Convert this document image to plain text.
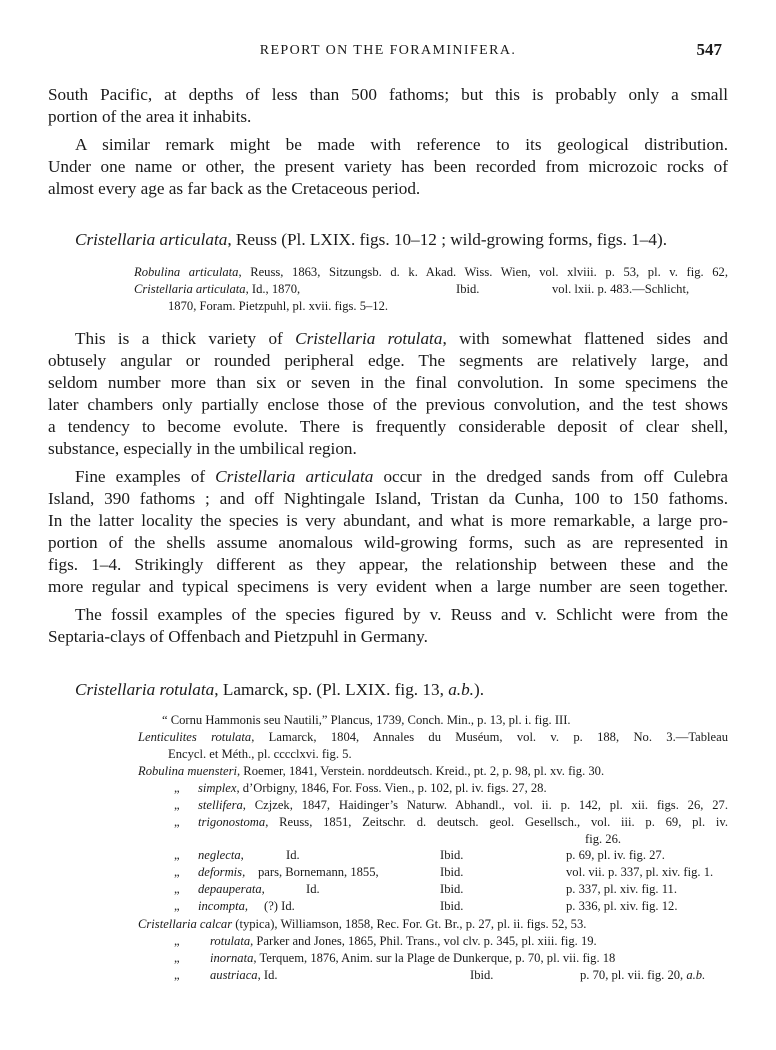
REPORT ON THE FORAMINIFERA.	547
South Pacific, at depths of less than 500 fathoms; but this is probably only a small
portion of the area it inhabits.
A similar remark might be made with reference to its geological distribution.
Under one name or other, the present variety has been recorded from microzoic rocks of
almost every age as far back as the Cretaceous period.
Cristellaria articulata, Reuss (Pl. LXIX. figs. 10–12 ; wild-growing forms, figs. 1–4).
Robulina articulata, Reuss, 1863, Sitzungsb. d. k. Akad. Wiss. Wien, vol. xlviii. p. 53, pl. v. fig. 62,
Cristellaria articulata, Id., 1870,	Ibid.	vol. lxii. p. 483.—Schlicht,
1870, Foram. Pietzpuhl, pl. xvii. figs. 5–12.
This is a thick variety of Cristellaria rotulata, with somewhat flattened sides and
obtusely angular or rounded peripheral edge. The segments are relatively large, and
seldom number more than six or seven in the final convolution. In some specimens the
later chambers only partially enclose those of the previous convolution, and the test shows
a tendency to become evolute. There is frequently considerable deposit of clear shell,
substance, especially in the umbilical region.
Fine examples of Cristellaria articulata occur in the dredged sands from off Culebra
Island, 390 fathoms ; and off Nightingale Island, Tristan da Cunha, 100 to 150 fathoms.
In the latter locality the species is very abundant, and what is more remarkable, a large pro-
portion of the shells assume anomalous wild-growing forms, such as are represented in
figs. 1–4. Strikingly different as they appear, the relationship between these and the
more regular and typical specimens is very evident when a large number are seen together.
The fossil examples of the species figured by v. Reuss and v. Schlicht were from the
Septaria-clays of Offenbach and Pietzpuhl in Germany.
Cristellaria rotulata, Lamarck, sp. (Pl. LXIX. fig. 13, a.b.).
“ Cornu Hammonis seu Nautili,” Plancus, 1739, Conch. Min., p. 13, pl. i. fig. III.
Lenticulites rotulata, Lamarck, 1804, Annales du Muséum, vol. v. p. 188, No. 3.—Tableau
Encycl. et Méth., pl. cccclxvi. fig. 5.
Robulina muensteri, Roemer, 1841, Verstein. norddeutsch. Kreid., pt. 2, p. 98, pl. xv. fig. 30.
„ simplex, d’Orbigny, 1846, For. Foss. Vien., p. 102, pl. iv. figs. 27, 28.
„ stellifera, Czjzek, 1847, Haidinger’s Naturw. Abhandl., vol. ii. p. 142, pl. xii. figs. 26, 27.
„ trigonostoma, Reuss, 1851, Zeitschr. d. deutsch. geol. Gesellsch., vol. iii. p. 69, pl. iv.
fig. 26.
„ neglecta,	Id.	Ibid.	p. 69, pl. iv. fig. 27.
„ deformis, pars, Bornemann, 1855,	Ibid.	vol. vii. p. 337, pl. xiv. fig. 1.
„ depauperata,	Id.	Ibid.	p. 337, pl. xiv. fig. 11.
„ incompta, (?) Id.	Ibid.	p. 336, pl. xiv. fig. 12.
Cristellaria calcar (typica), Williamson, 1858, Rec. For. Gt. Br., p. 27, pl. ii. figs. 52, 53.
„ rotulata, Parker and Jones, 1865, Phil. Trans., vol clv. p. 345, pl. xiii. fig. 19.
„ inornata, Terquem, 1876, Anim. sur la Plage de Dunkerque, p. 70, pl. vii. fig. 18
„ austriaca, Id.	Ibid.	p. 70, pl. vii. fig. 20, a.b.
